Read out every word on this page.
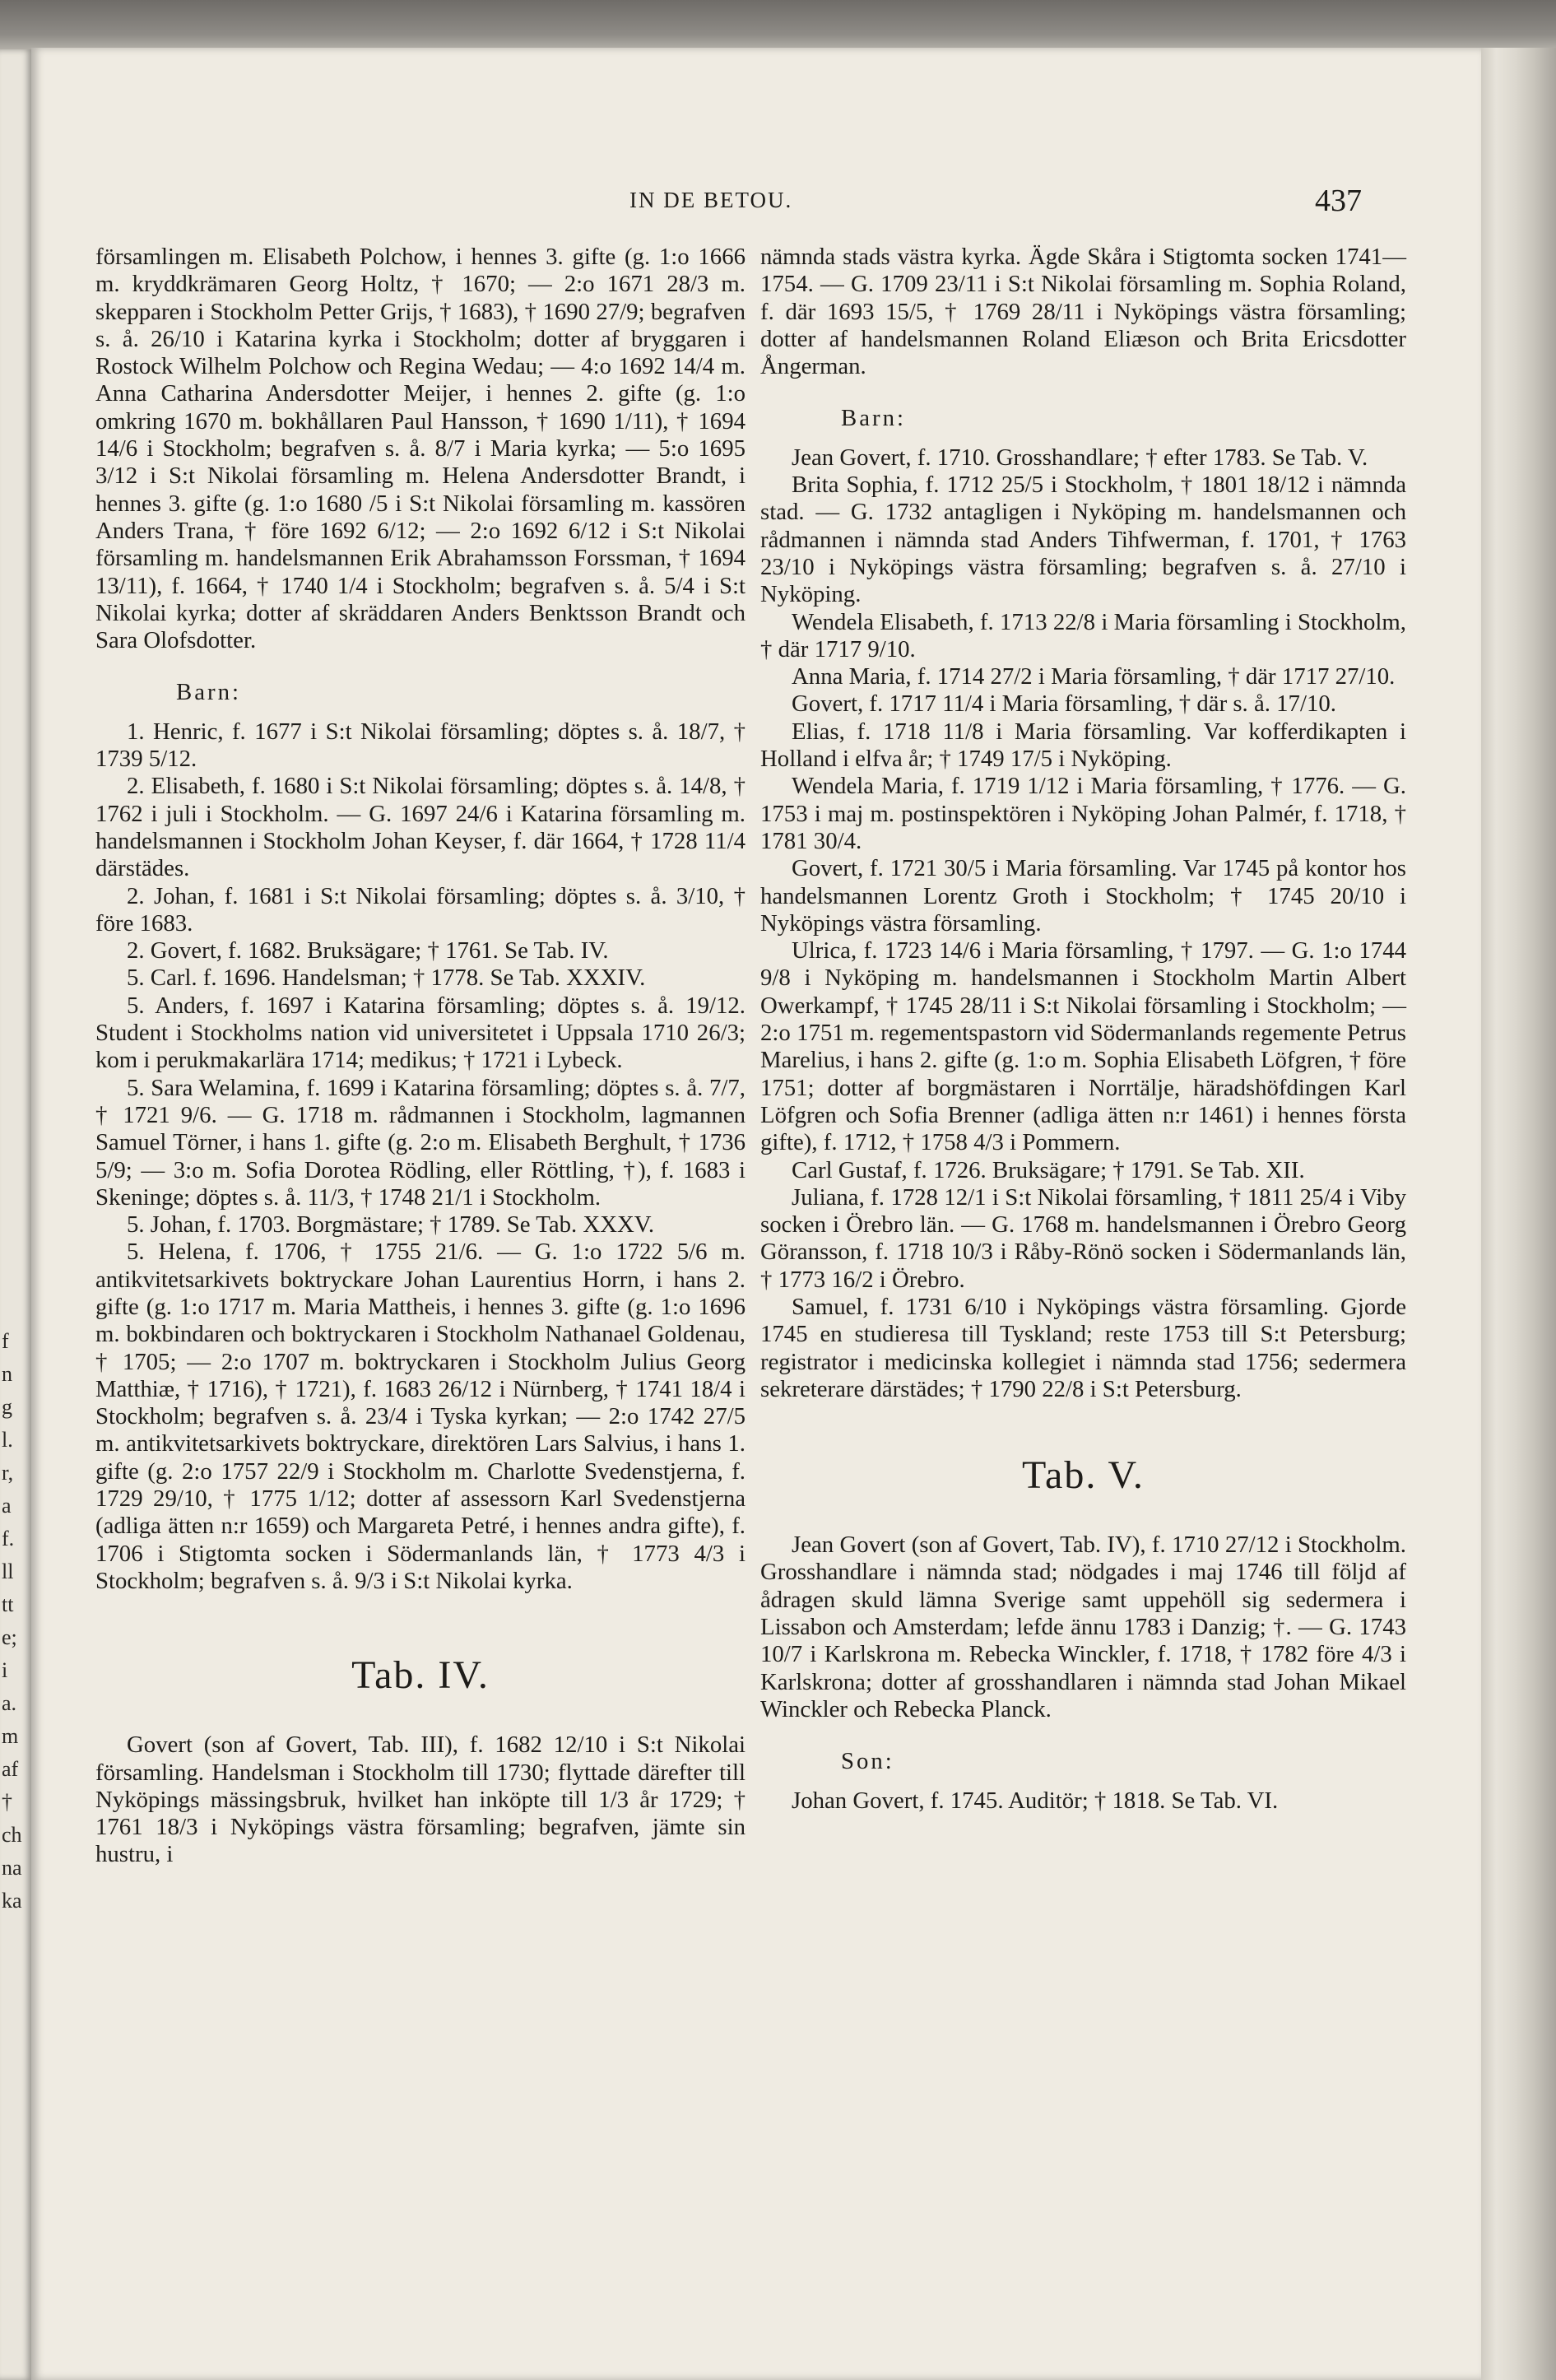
f
n
g
l.
r,
a
f.
ll
tt
e;
i
a.
m
af
†
ch
na
ka
IN DE BETOU.	437

församlingen m. Elisabeth Polchow, i hennes 3. gifte (g. 1:o 1666 m. kryddkrämaren Georg Holtz, † 1670; — 2:o 1671 28/3 m. skepparen i Stockholm Petter Grijs, † 1683), † 1690 27/9; begrafven s. å. 26/10 i Katarina kyrka i Stockholm; dotter af bryggaren i Rostock Wilhelm Polchow och Regina Wedau; — 4:o 1692 14/4 m. Anna Catharina Andersdotter Meijer, i hennes 2. gifte (g. 1:o omkring 1670 m. bokhållaren Paul Hansson, † 1690 1/11), † 1694 14/6 i Stockholm; begrafven s. å. 8/7 i Maria kyrka; — 5:o 1695 3/12 i S:t Nikolai församling m. Helena Andersdotter Brandt, i hennes 3. gifte (g. 1:o 1680 /5 i S:t Nikolai församling m. kassören Anders Trana, † före 1692 6/12; — 2:o 1692 6/12 i S:t Nikolai församling m. handelsmannen Erik Abrahamsson Forssman, † 1694 13/11), f. 1664, † 1740 1/4 i Stockholm; begrafven s. å. 5/4 i S:t Nikolai kyrka; dotter af skräddaren Anders Benktsson Brandt och Sara Olofsdotter.

Barn:

1. Henric, f. 1677 i S:t Nikolai församling; döptes s. å. 18/7, † 1739 5/12.

2. Elisabeth, f. 1680 i S:t Nikolai församling; döptes s. å. 14/8, † 1762 i juli i Stockholm. — G. 1697 24/6 i Katarina församling m. handelsmannen i Stockholm Johan Keyser, f. där 1664, † 1728 11/4 därstädes.

2. Johan, f. 1681 i S:t Nikolai församling; döptes s. å. 3/10, † före 1683.

2. Govert, f. 1682. Bruksägare; † 1761. Se Tab. IV.

5. Carl. f. 1696. Handelsman; † 1778. Se Tab. XXXIV.

5. Anders, f. 1697 i Katarina församling; döptes s. å. 19/12. Student i Stockholms nation vid universitetet i Uppsala 1710 26/3; kom i perukmakarlära 1714; medikus; † 1721 i Lybeck.

5. Sara Welamina, f. 1699 i Katarina församling; döptes s. å. 7/7, † 1721 9/6. — G. 1718 m. rådmannen i Stockholm, lagmannen Samuel Törner, i hans 1. gifte (g. 2:o m. Elisabeth Berghult, † 1736 5/9; — 3:o m. Sofia Dorotea Rödling, eller Röttling, †), f. 1683 i Skeninge; döptes s. å. 11/3, † 1748 21/1 i Stockholm.

5. Johan, f. 1703. Borgmästare; † 1789. Se Tab. XXXV.

5. Helena, f. 1706, † 1755 21/6. — G. 1:o 1722 5/6 m. antikvitetsarkivets boktryckare Johan Laurentius Horrn, i hans 2. gifte (g. 1:o 1717 m. Maria Mattheis, i hennes 3. gifte (g. 1:o 1696 m. bokbindaren och boktryckaren i Stockholm Nathanael Goldenau, † 1705; — 2:o 1707 m. boktryckaren i Stockholm Julius Georg Matthiæ, † 1716), † 1721), f. 1683 26/12 i Nürnberg, † 1741 18/4 i Stockholm; begrafven s. å. 23/4 i Tyska kyrkan; — 2:o 1742 27/5 m. antikvitetsarkivets boktryckare, direktören Lars Salvius, i hans 1. gifte (g. 2:o 1757 22/9 i Stockholm m. Charlotte Svedenstjerna, f. 1729 29/10, † 1775 1/12; dotter af assessorn Karl Svedenstjerna (adliga ätten n:r 1659) och Margareta Petré, i hennes andra gifte), f. 1706 i Stigtomta socken i Södermanlands län, † 1773 4/3 i Stockholm; begrafven s. å. 9/3 i S:t Nikolai kyrka.

Tab. IV.

Govert (son af Govert, Tab. III), f. 1682 12/10 i S:t Nikolai församling. Handelsman i Stockholm till 1730; flyttade därefter till Nyköpings mässingsbruk, hvilket han inköpte till 1/3 år 1729; † 1761 18/3 i Nyköpings västra församling; begrafven, jämte sin hustru, i

nämnda stads västra kyrka. Ägde Skåra i Stigtomta socken 1741—1754. — G. 1709 23/11 i S:t Nikolai församling m. Sophia Roland, f. där 1693 15/5, † 1769 28/11 i Nyköpings västra församling; dotter af handelsmannen Roland Eliæson och Brita Ericsdotter Ångerman.

Barn:

Jean Govert, f. 1710. Grosshandlare; † efter 1783. Se Tab. V.

Brita Sophia, f. 1712 25/5 i Stockholm, † 1801 18/12 i nämnda stad. — G. 1732 antagligen i Nyköping m. handelsmannen och rådmannen i nämnda stad Anders Tihfwerman, f. 1701, † 1763 23/10 i Nyköpings västra församling; begrafven s. å. 27/10 i Nyköping.

Wendela Elisabeth, f. 1713 22/8 i Maria församling i Stockholm, † där 1717 9/10.

Anna Maria, f. 1714 27/2 i Maria församling, † där 1717 27/10.

Govert, f. 1717 11/4 i Maria församling, † där s. å. 17/10.

Elias, f. 1718 11/8 i Maria församling. Var kofferdikapten i Holland i elfva år; † 1749 17/5 i Nyköping.

Wendela Maria, f. 1719 1/12 i Maria församling, † 1776. — G. 1753 i maj m. postinspektören i Nyköping Johan Palmér, f. 1718, † 1781 30/4.

Govert, f. 1721 30/5 i Maria församling. Var 1745 på kontor hos handelsmannen Lorentz Groth i Stockholm; † 1745 20/10 i Nyköpings västra församling.

Ulrica, f. 1723 14/6 i Maria församling, † 1797. — G. 1:o 1744 9/8 i Nyköping m. handelsmannen i Stockholm Martin Albert Owerkampf, † 1745 28/11 i S:t Nikolai församling i Stockholm; — 2:o 1751 m. regementspastorn vid Södermanlands regemente Petrus Marelius, i hans 2. gifte (g. 1:o m. Sophia Elisabeth Löfgren, † före 1751; dotter af borgmästaren i Norrtälje, häradshöfdingen Karl Löfgren och Sofia Brenner (adliga ätten n:r 1461) i hennes första gifte), f. 1712, † 1758 4/3 i Pommern.

Carl Gustaf, f. 1726. Bruksägare; † 1791. Se Tab. XII.

Juliana, f. 1728 12/1 i S:t Nikolai församling, † 1811 25/4 i Viby socken i Örebro län. — G. 1768 m. handelsmannen i Örebro Georg Göransson, f. 1718 10/3 i Råby-Rönö socken i Södermanlands län, † 1773 16/2 i Örebro.

Samuel, f. 1731 6/10 i Nyköpings västra församling. Gjorde 1745 en studieresa till Tyskland; reste 1753 till S:t Petersburg; registrator i medicinska kollegiet i nämnda stad 1756; sedermera sekreterare därstädes; † 1790 22/8 i S:t Petersburg.

Tab. V.

Jean Govert (son af Govert, Tab. IV), f. 1710 27/12 i Stockholm. Grosshandlare i nämnda stad; nödgades i maj 1746 till följd af ådragen skuld lämna Sverige samt uppehöll sig sedermera i Lissabon och Amsterdam; lefde ännu 1783 i Danzig; †. — G. 1743 10/7 i Karlskrona m. Rebecka Winckler, f. 1718, † 1782 före 4/3 i Karlskrona; dotter af grosshandlaren i nämnda stad Johan Mikael Winckler och Rebecka Planck.

Son:

Johan Govert, f. 1745. Auditör; † 1818. Se Tab. VI.
